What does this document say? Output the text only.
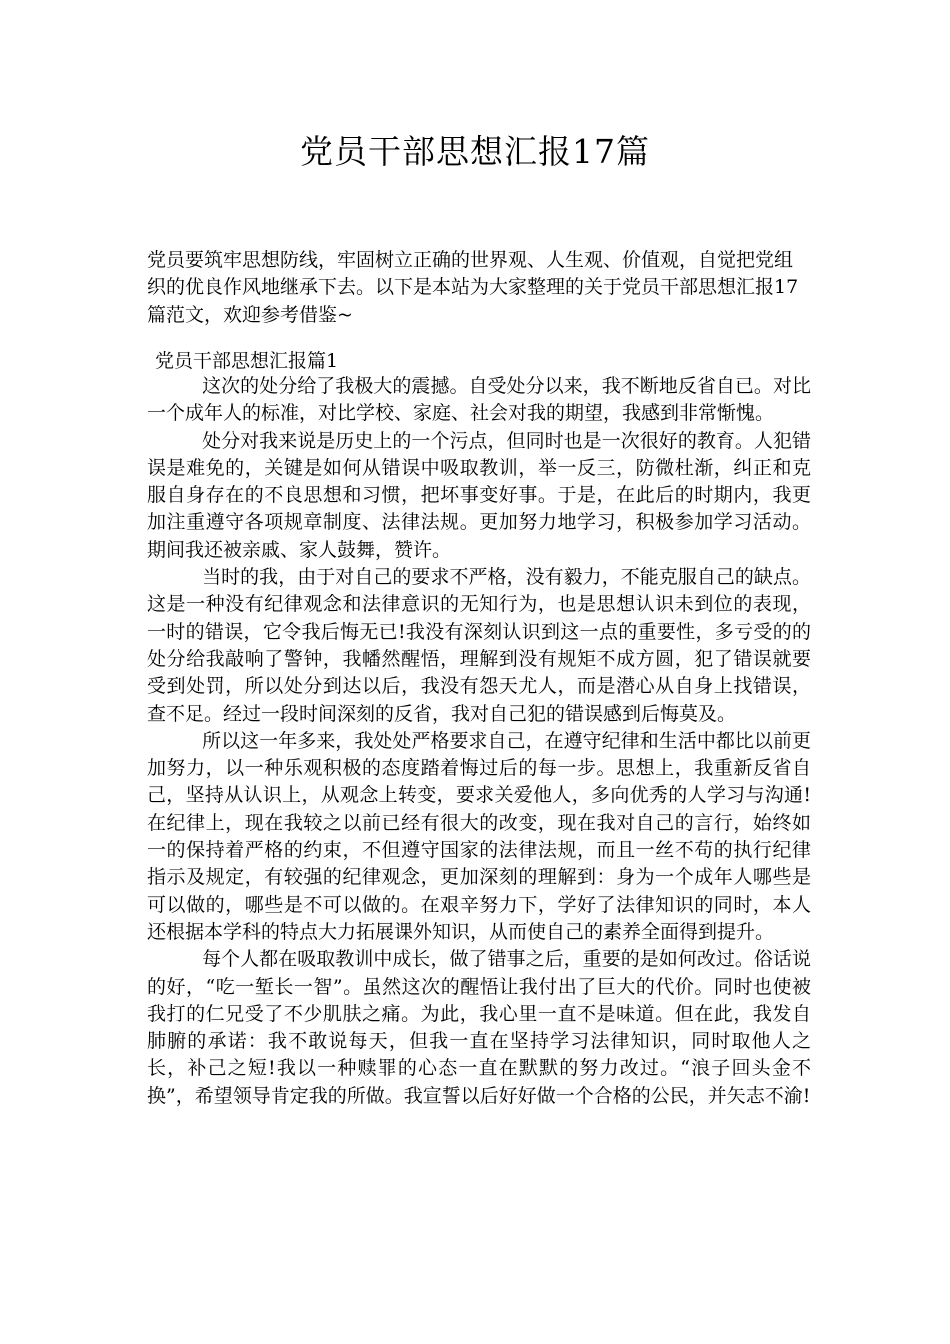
党员干部思想汇报17篇
党员要筑牢思想防线，牢固树立正确的世界观、人生观、价值观，自觉把党组织的优良作风地继承下去。以下是本站为大家整理的关于党员干部思想汇报17篇范文，欢迎参考借鉴~
党员干部思想汇报篇1

这次的处分给了我极大的震撼。自受处分以来，我不断地反省自已。对比一个成年人的标准，对比学校、家庭、社会对我的期望，我感到非常惭愧。

处分对我来说是历史上的一个污点，但同时也是一次很好的教育。人犯错误是难免的，关键是如何从错误中吸取教训，举一反三，防微杜渐，纠正和克服自身存在的不良思想和习惯，把坏事变好事。于是，在此后的时期内，我更加注重遵守各项规章制度、法律法规。更加努力地学习，积极参加学习活动。期间我还被亲戚、家人鼓舞，赞许。

当时的我，由于对自己的要求不严格，没有毅力，不能克服自己的缺点。这是一种没有纪律观念和法律意识的无知行为，也是思想认识未到位的表现，一时的错误，它令我后悔无已!我没有深刻认识到这一点的重要性，多亏受的的处分给我敲响了警钟，我幡然醒悟，理解到没有规矩不成方圆，犯了错误就要受到处罚，所以处分到达以后，我没有怨天尤人，而是潜心从自身上找错误，查不足。经过一段时间深刻的反省，我对自己犯的错误感到后悔莫及。

所以这一年多来，我处处严格要求自己，在遵守纪律和生活中都比以前更加努力，以一种乐观积极的态度踏着悔过后的每一步。思想上，我重新反省自己，坚持从认识上，从观念上转变，要求关爱他人，多向优秀的人学习与沟通!在纪律上，现在我较之以前已经有很大的改变，现在我对自己的言行，始终如一的保持着严格的约束，不但遵守国家的法律法规，而且一丝不苟的执行纪律指示及规定，有较强的纪律观念，更加深刻的理解到：身为一个成年人哪些是可以做的，哪些是不可以做的。在艰辛努力下，学好了法律知识的同时，本人还根据本学科的特点大力拓展课外知识，从而使自己的素养全面得到提升。

每个人都在吸取教训中成长，做了错事之后，重要的是如何改过。俗话说的好，“吃一堑长一智”。虽然这次的醒悟让我付出了巨大的代价。同时也使被我打的仁兄受了不少肌肤之痛。为此，我心里一直不是味道。但在此，我发自肺腑的承诺：我不敢说每天，但我一直在坚持学习法律知识，同时取他人之长，补己之短!我以一种赎罪的心态一直在默默的努力改过。“浪子回头金不换”，希望领导肯定我的所做。我宣誓以后好好做一个合格的公民，并矢志不渝!
